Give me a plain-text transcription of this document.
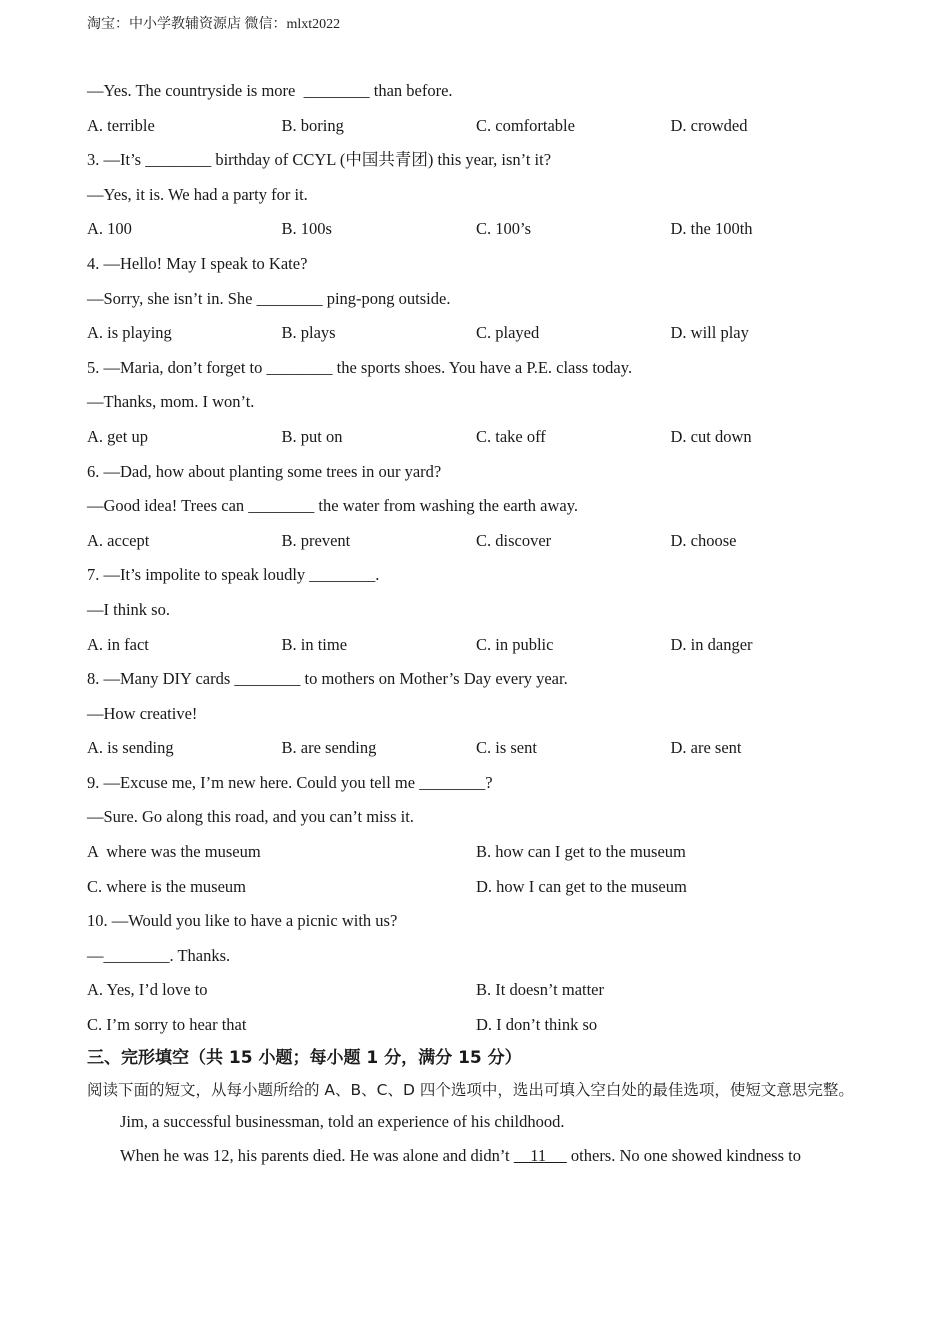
淘宝：中小学教辅资源店 微信：mlxt2022
—Yes. The countryside is more  ________ than before.
A. terrible	B. boring	C. comfortable	D. crowded
3. —It’s ________ birthday of CCYL (中国共青团) this year, isn’t it?
—Yes, it is. We had a party for it.
A. 100	B. 100s	C. 100’s	D. the 100th
4. —Hello! May I speak to Kate?
—Sorry, she isn’t in. She ________ ping-pong outside.
A. is playing	B. plays	C. played	D. will play
5. —Maria, don’t forget to ________ the sports shoes. You have a P.E. class today.
—Thanks, mom. I won’t.
A. get up	B. put on	C. take off	D. cut down
6. —Dad, how about planting some trees in our yard?
—Good idea! Trees can ________ the water from washing the earth away.
A. accept	B. prevent	C. discover	D. choose
7. —It’s impolite to speak loudly ________.
—I think so.
A. in fact	B. in time	C. in public	D. in danger
8. —Many DIY cards ________ to mothers on Mother’s Day every year.
—How creative!
A. is sending	B. are sending	C. is sent	D. are sent
9. —Excuse me, I’m new here. Could you tell me ________?
—Sure. Go along this road, and you can’t miss it.
A  where was the museum	B. how can I get to the museum
C. where is the museum	D. how I can get to the museum
10. —Would you like to have a picnic with us?
—________. Thanks.
A. Yes, I’d love to	B. It doesn’t matter
C. I’m sorry to hear that	D. I don’t think so
三、完形填空（共 15 小题；每小题 1 分，满分 15 分）
阅读下面的短文，从每小题所给的 A、B、C、D 四个选项中，选出可填入空白处的最佳选项，使短文意思完整。
Jim, a successful businessman, told an experience of his childhood.
When he was 12, his parents died. He was alone and didn’t     11      others. No one showed kindness to
